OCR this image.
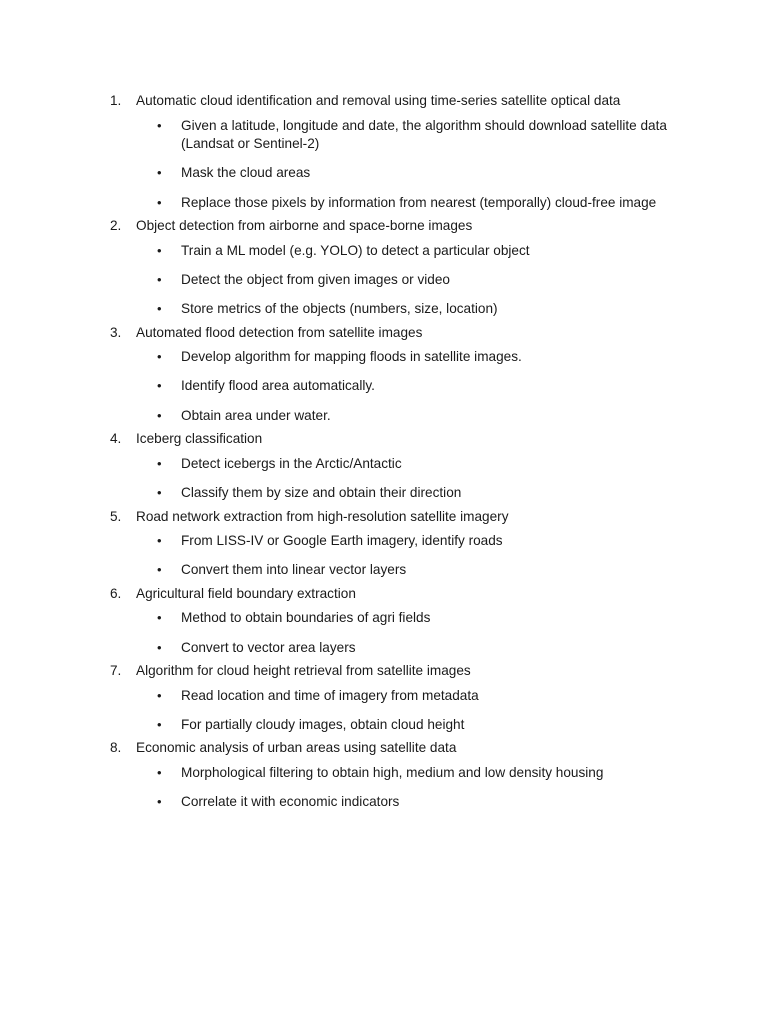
1.	Automatic cloud identification and removal using time-series satellite optical data
• Given a latitude, longitude and date, the algorithm should download satellite data (Landsat or Sentinel-2)
• Mask the cloud areas
• Replace those pixels by information from nearest (temporally) cloud-free image
2.	Object detection from airborne and space-borne images
• Train a ML model (e.g. YOLO) to detect a particular object
• Detect the object from given images or video
• Store metrics of the objects (numbers, size, location)
3.	Automated flood detection from satellite images
• Develop algorithm for mapping floods in satellite images.
• Identify flood area automatically.
• Obtain area under water.
4.	Iceberg classification
• Detect icebergs in the Arctic/Antactic
• Classify them by size and obtain their direction
5.	Road network extraction from high-resolution satellite imagery
• From LISS-IV or Google Earth imagery, identify roads
• Convert them into linear vector layers
6.	Agricultural field boundary extraction
• Method to obtain boundaries of agri fields
• Convert to vector area layers
7.	Algorithm for cloud height retrieval from satellite images
• Read location and time of imagery from metadata
• For partially cloudy images, obtain cloud height
8.	Economic analysis of urban areas using satellite data
• Morphological filtering to obtain high, medium and low density housing
• Correlate it with economic indicators
